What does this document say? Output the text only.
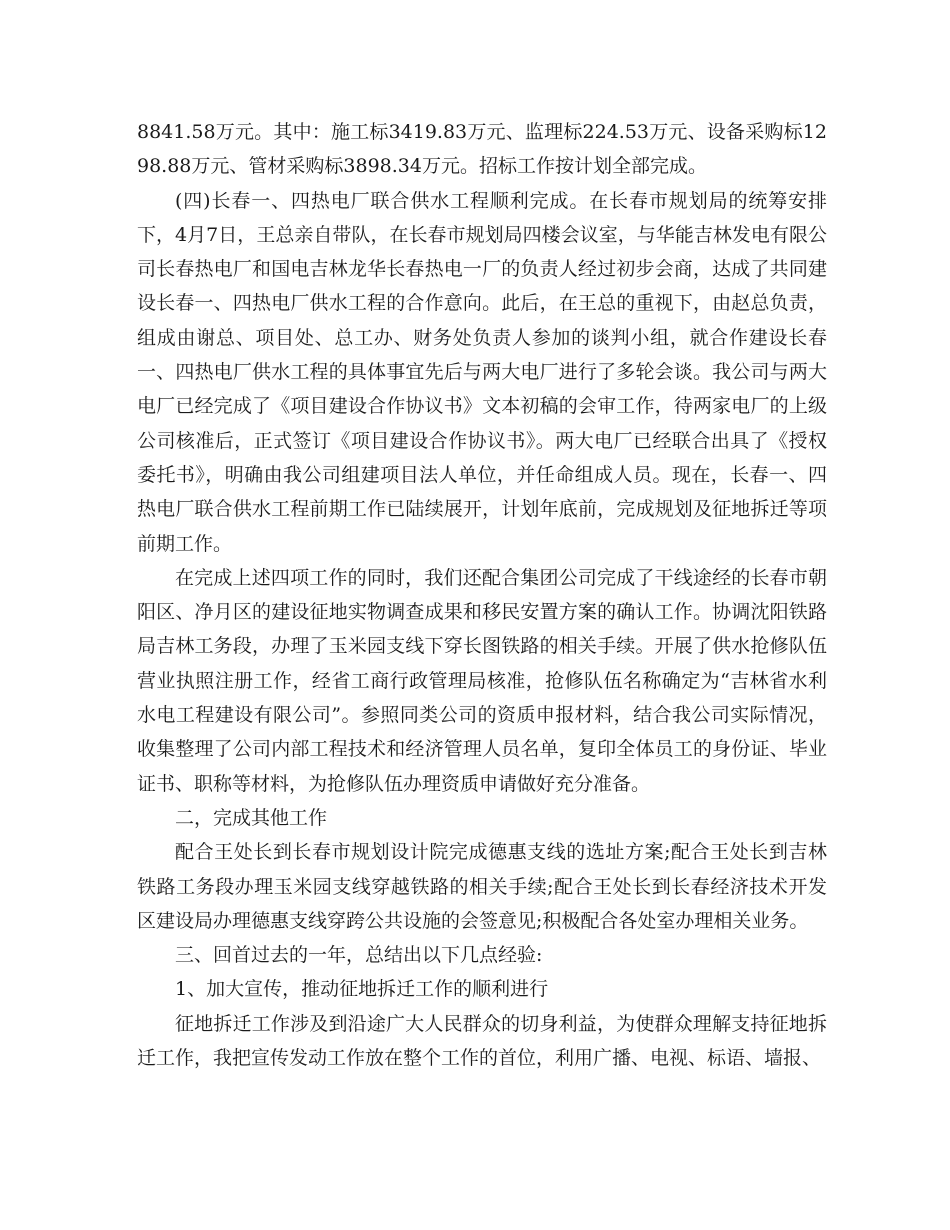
8841.58万元。其中：施工标3419.83万元、监理标224.53万元、设备采购标1298.88万元、管材采购标3898.34万元。招标工作按计划全部完成。

(四)长春一、四热电厂联合供水工程顺利完成。在长春市规划局的统筹安排下，4月7日，王总亲自带队，在长春市规划局四楼会议室，与华能吉林发电有限公司长春热电厂和国电吉林龙华长春热电一厂的负责人经过初步会商，达成了共同建设长春一、四热电厂供水工程的合作意向。此后，在王总的重视下，由赵总负责，组成由谢总、项目处、总工办、财务处负责人参加的谈判小组，就合作建设长春一、四热电厂供水工程的具体事宜先后与两大电厂进行了多轮会谈。我公司与两大电厂已经完成了《项目建设合作协议书》文本初稿的会审工作，待两家电厂的上级公司核准后，正式签订《项目建设合作协议书》。两大电厂已经联合出具了《授权委托书》，明确由我公司组建项目法人单位，并任命组成人员。现在，长春一、四热电厂联合供水工程前期工作已陆续展开，计划年底前，完成规划及征地拆迁等项前期工作。

在完成上述四项工作的同时，我们还配合集团公司完成了干线途经的长春市朝阳区、净月区的建设征地实物调查成果和移民安置方案的确认工作。协调沈阳铁路局吉林工务段，办理了玉米园支线下穿长图铁路的相关手续。开展了供水抢修队伍营业执照注册工作，经省工商行政管理局核准，抢修队伍名称确定为“吉林省水利水电工程建设有限公司”。参照同类公司的资质申报材料，结合我公司实际情况，收集整理了公司内部工程技术和经济管理人员名单，复印全体员工的身份证、毕业证书、职称等材料，为抢修队伍办理资质申请做好充分准备。

二，完成其他工作

配合王处长到长春市规划设计院完成德惠支线的选址方案;配合王处长到吉林铁路工务段办理玉米园支线穿越铁路的相关手续;配合王处长到长春经济技术开发区建设局办理德惠支线穿跨公共设施的会签意见;积极配合各处室办理相关业务。

三、回首过去的一年，总结出以下几点经验:

1、加大宣传，推动征地拆迁工作的顺利进行

征地拆迁工作涉及到沿途广大人民群众的切身利益，为使群众理解支持征地拆迁工作，我把宣传发动工作放在整个工作的首位，利用广播、电视、标语、墙报、
